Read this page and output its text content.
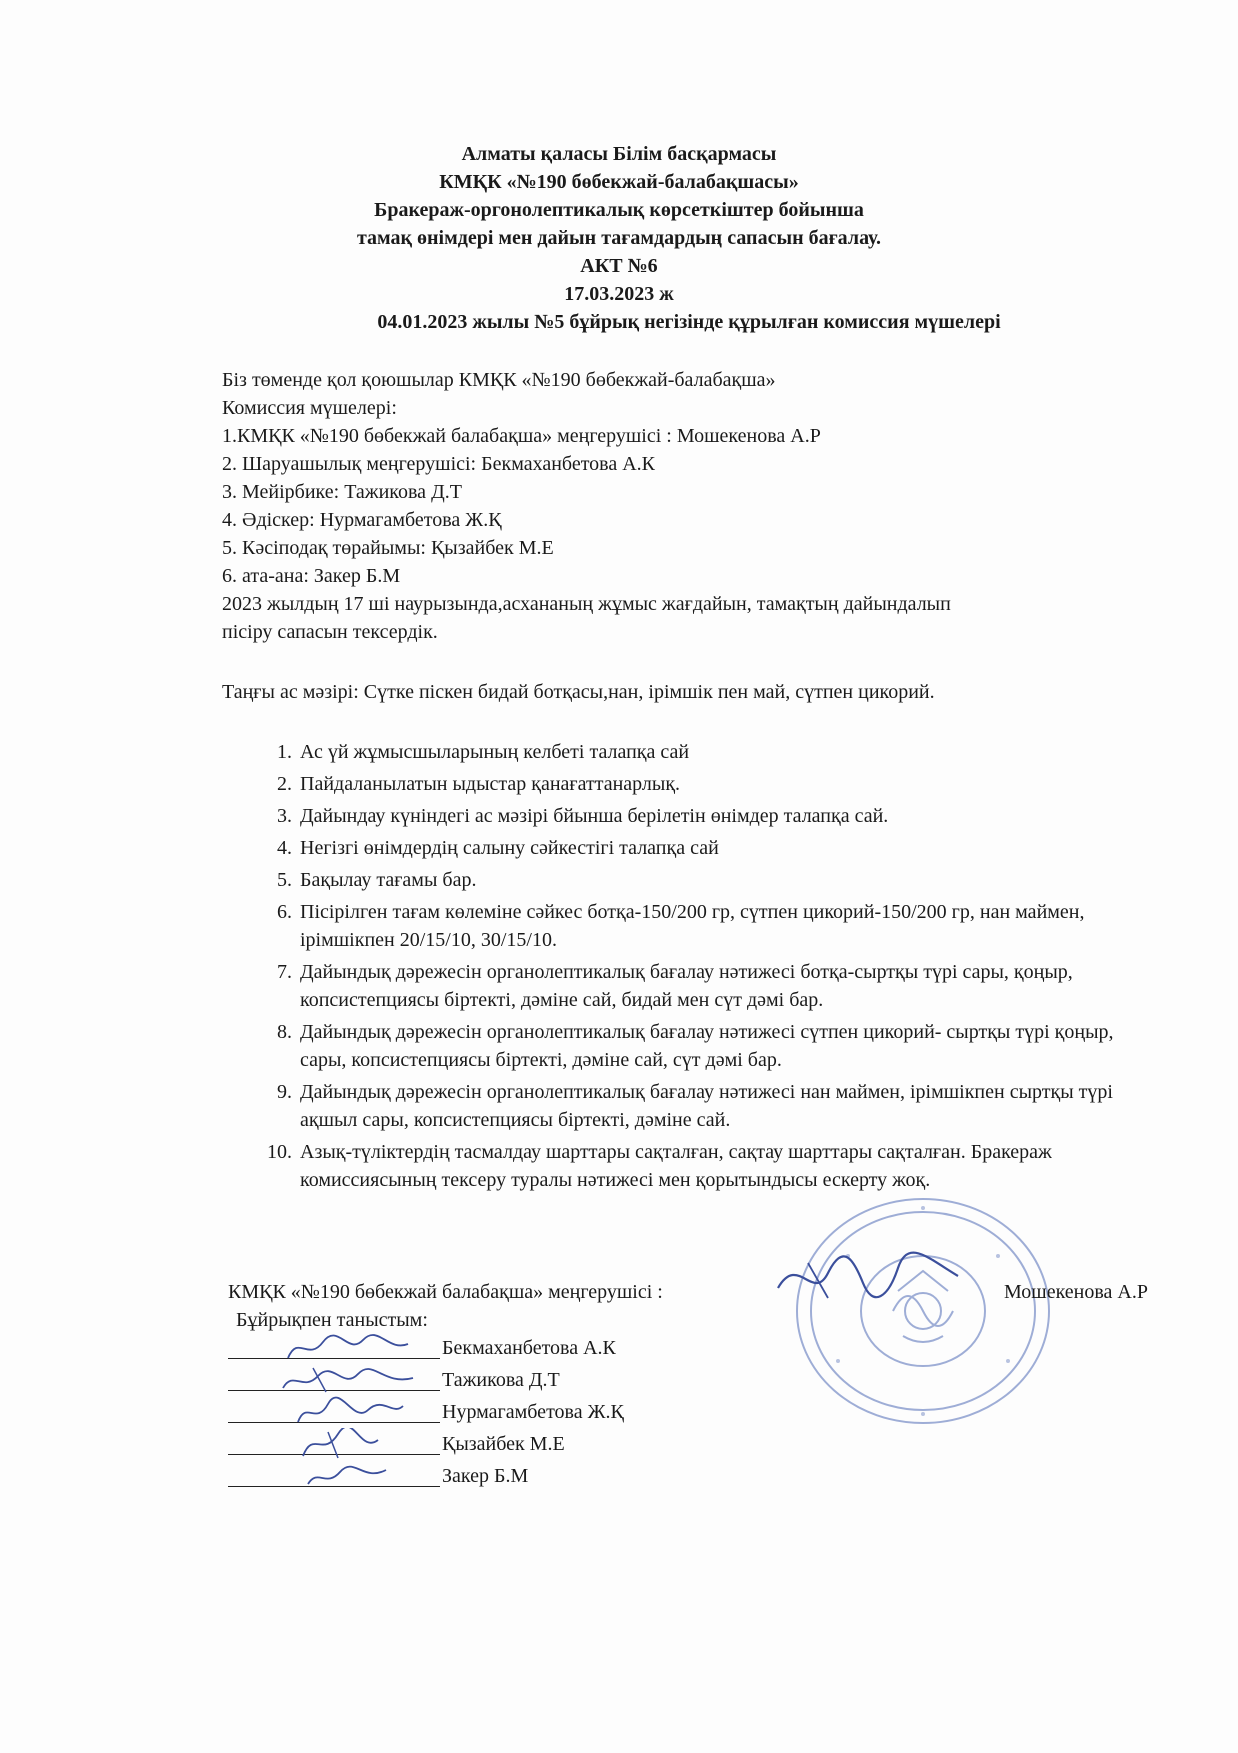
Алматы қаласы Білім басқармасы
КМҚК «№190 бөбекжай-балабақшасы»
Бракераж-оргонолептикалық көрсеткіштер бойынша
тамақ өнімдері мен дайын тағамдардың сапасын бағалау.
АКТ №6
17.03.2023 ж
04.01.2023 жылы №5 бұйрық негізінде құрылған комиссия мүшелері
Біз төменде қол қоюшылар КМҚК «№190 бөбекжай-балабақша»
Комиссия мүшелері:
1.КМҚК «№190 бөбекжай балабақша» меңгерушісі : Мошекенова А.Р
2. Шаруашылық меңгерушісі: Бекмаханбетова А.К
3. Мейірбике: Тажикова Д.Т
4. Әдіскер: Нурмагамбетова Ж.Қ
5. Кәсіподақ төрайымы: Қызайбек М.Е
6. ата-ана: Закер Б.М
2023 жылдың 17 ші наурызында,асхананың жұмыс жағдайын, тамақтың дайындалып
пісіру сапасын тексердік.
Таңғы ас мәзірі: Сүтке піскен бидай ботқасы,нан, ірімшік пен май, сүтпен цикорий.
1. Ас үй жұмысшыларының келбеті талапқа сай
2. Пайдаланылатын ыдыстар қанағаттанарлық.
3. Дайындау күніндегі ас мәзірі бйынша берілетін өнімдер талапқа сай.
4. Негізгі өнімдердің салыну сәйкестігі талапқа сай
5. Бақылау тағамы бар.
6. Пісірілген тағам көлеміне сәйкес ботқа-150/200 гр, сүтпен цикорий-150/200 гр, нан маймен, ірімшікпен 20/15/10, 30/15/10.
7. Дайындық дәрежесін органолептикалық бағалау нәтижесі ботқа-сыртқы түрі сары, қоңыр, копсистепциясы біртекті, дәміне сай, бидай мен сүт дәмі бар.
8. Дайындық дәрежесін органолептикалық бағалау нәтижесі сүтпен цикорий- сыртқы түрі қоңыр, сары, копсистепциясы біртекті, дәміне сай, сүт дәмі бар.
9. Дайындық дәрежесін органолептикалық бағалау нәтижесі нан маймен, ірімшікпен сыртқы түрі ақшыл сары, копсистепциясы біртекті, дәміне сай.
10. Азық-түліктердің тасмалдау шарттары сақталған, сақтау шарттары сақталған. Бракераж комиссиясының тексеру туралы нәтижесі мен қорытындысы ескерту жоқ.
КМҚК «№190 бөбекжай балабақша» меңгерушісі :	Мошекенова А.Р
Бұйрықпен таныстым:
Бекмаханбетова А.К
Тажикова Д.Т
Нурмагамбетова Ж.Қ
Қызайбек М.Е
Закер Б.М
